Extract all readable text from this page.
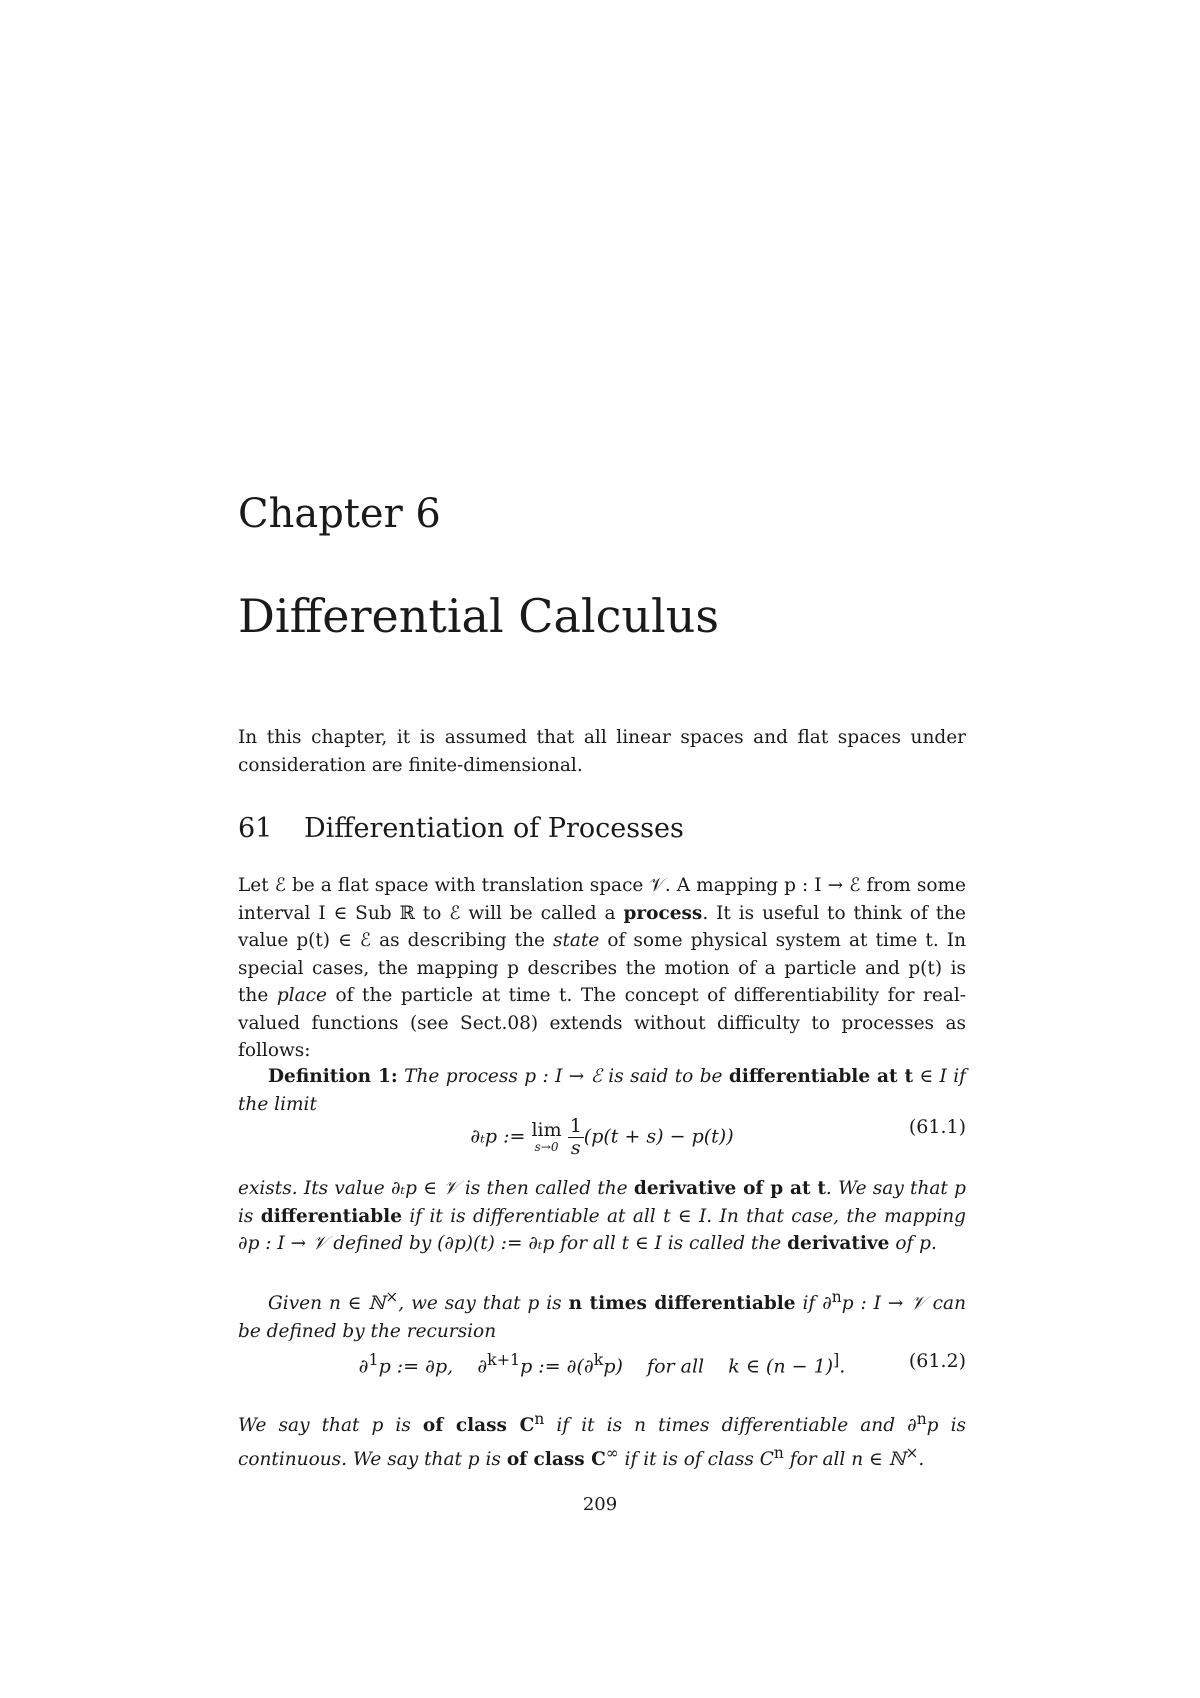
Chapter 6
Differential Calculus
In this chapter, it is assumed that all linear spaces and flat spaces under consideration are finite-dimensional.
61 Differentiation of Processes
Let ℰ be a flat space with translation space 𝒱. A mapping p : I → ℰ from some interval I ∈ Sub ℝ to ℰ will be called a process. It is useful to think of the value p(t) ∈ ℰ as describing the state of some physical system at time t. In special cases, the mapping p describes the motion of a particle and p(t) is the place of the particle at time t. The concept of differentiability for real-valued functions (see Sect.08) extends without difficulty to processes as follows:
Definition 1: The process p : I → ℰ is said to be differentiable at t ∈ I if the limit
∂ₜp := lim
s→0
$\frac{1}{s} (p(t + s) - p(t))$	(61.1)
exists. Its value ∂ₜp ∈ 𝒱 is then called the derivative of p at t. We say that p is differentiable if it is differentiable at all t ∈ I. In that case, the mapping ∂p : I → 𝒱 defined by (∂p)(t) := ∂ₜp for all t ∈ I is called the derivative of p.
Given n ∈ ℕ×, we say that p is n times differentiable if ∂$^n$p : I → 𝒱 can be defined by the recursion
∂$^1$p := ∂p,    ∂$^{k+1}$p := ∂(∂$^k$p)    for all    k ∈ (n − 1)].	(61.2)
We say that p is of class $C^n$ if it is n times differentiable and ∂$^n$p is continuous. We say that p is of class C∞ if it is of class $C^n$ for all n ∈ ℕ×.
209
